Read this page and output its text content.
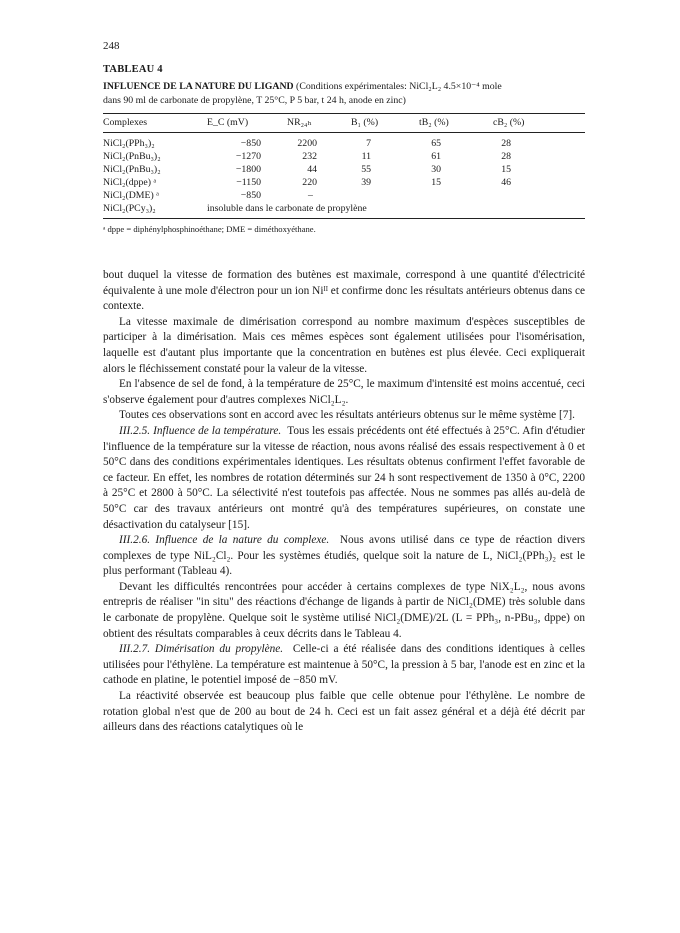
248
TABLEAU 4
INFLUENCE DE LA NATURE DU LIGAND (Conditions expérimentales: NiCl₂L₂ 4.5×10⁻⁴ mole
dans 90 ml de carbonate de propylène, T 25°C, P 5 bar, t 24 h, anode en zinc)
Complexes	E_C (mV)	NR₂₄ₕ	B₁ (%)	tB₂ (%)	cB₂ (%)
NiCl₂(PPh₃)₂	−850	2200	7	65	28
NiCl₂(PnBu₃)₂	−1270	232	11	61	28
NiCl₂(PnBu₃)₂	−1800	44	55	30	15
NiCl₂(dppe) ᵃ	−1150	220	39	15	46
NiCl₂(DME) ᵃ	−850	–
NiCl₂(PCy₃)₂	insoluble dans le carbonate de propylène
ᵃ dppe = diphénylphosphinoéthane; DME = diméthoxyéthane.

bout duquel la vitesse de formation des butènes est maximale, correspond à une quantité d'électricité équivalente à une mole d'électron pour un ion Niᴵᴵ et confirme donc les résultats antérieurs obtenus dans ce contexte.

La vitesse maximale de dimérisation correspond au nombre maximum d'espèces susceptibles de participer à la dimérisation. Mais ces mêmes espèces sont également utilisées pour l'isomérisation, laquelle est d'autant plus importante que la concentration en butènes est plus élevée. Ceci expliquerait alors le fléchissement constaté pour la valeur de la vitesse.

En l'absence de sel de fond, à la température de 25°C, le maximum d'intensité est moins accentué, ceci s'observe également pour d'autres complexes NiCl₂L₂.

Toutes ces observations sont en accord avec les résultats antérieurs obtenus sur le même système [7].

III.2.5. Influence de la température. Tous les essais précédents ont été effectués à 25°C. Afin d'étudier l'influence de la température sur la vitesse de réaction, nous avons réalisé des essais respectivement à 0 et 50°C dans des conditions expérimentales identiques. Les résultats obtenus confirment l'effet favorable de ce facteur. En effet, les nombres de rotation déterminés sur 24 h sont respectivement de 1350 à 0°C, 2200 à 25°C et 2800 à 50°C. La sélectivité n'est toutefois pas affectée. Nous ne sommes pas allés au-delà de 50°C car des travaux antérieurs ont montré qu'à des températures supérieures, on constate une désactivation du catalyseur [15].

III.2.6. Influence de la nature du complexe. Nous avons utilisé dans ce type de réaction divers complexes de type NiL₂Cl₂. Pour les systèmes étudiés, quelque soit la nature de L, NiCl₂(PPh₃)₂ est le plus performant (Tableau 4).

Devant les difficultés rencontrées pour accéder à certains complexes de type NiX₂L₂, nous avons entrepris de réaliser "in situ" des réactions d'échange de ligands à partir de NiCl₂(DME) très soluble dans le carbonate de propylène. Quelque soit le système utilisé NiCl₂(DME)/2L (L = PPh₃, n-PBu₃, dppe) on obtient des résultats comparables à ceux décrits dans le Tableau 4.

III.2.7. Dimérisation du propylène. Celle-ci a été réalisée dans des conditions identiques à celles utilisées pour l'éthylène. La température est maintenue à 50°C, la pression à 5 bar, l'anode est en zinc et la cathode en platine, le potentiel imposé de −850 mV.

La réactivité observée est beaucoup plus faible que celle obtenue pour l'éthylène. Le nombre de rotation global n'est que de 200 au bout de 24 h. Ceci est un fait assez général et a déjà été décrit par ailleurs dans des réactions catalytiques où le
